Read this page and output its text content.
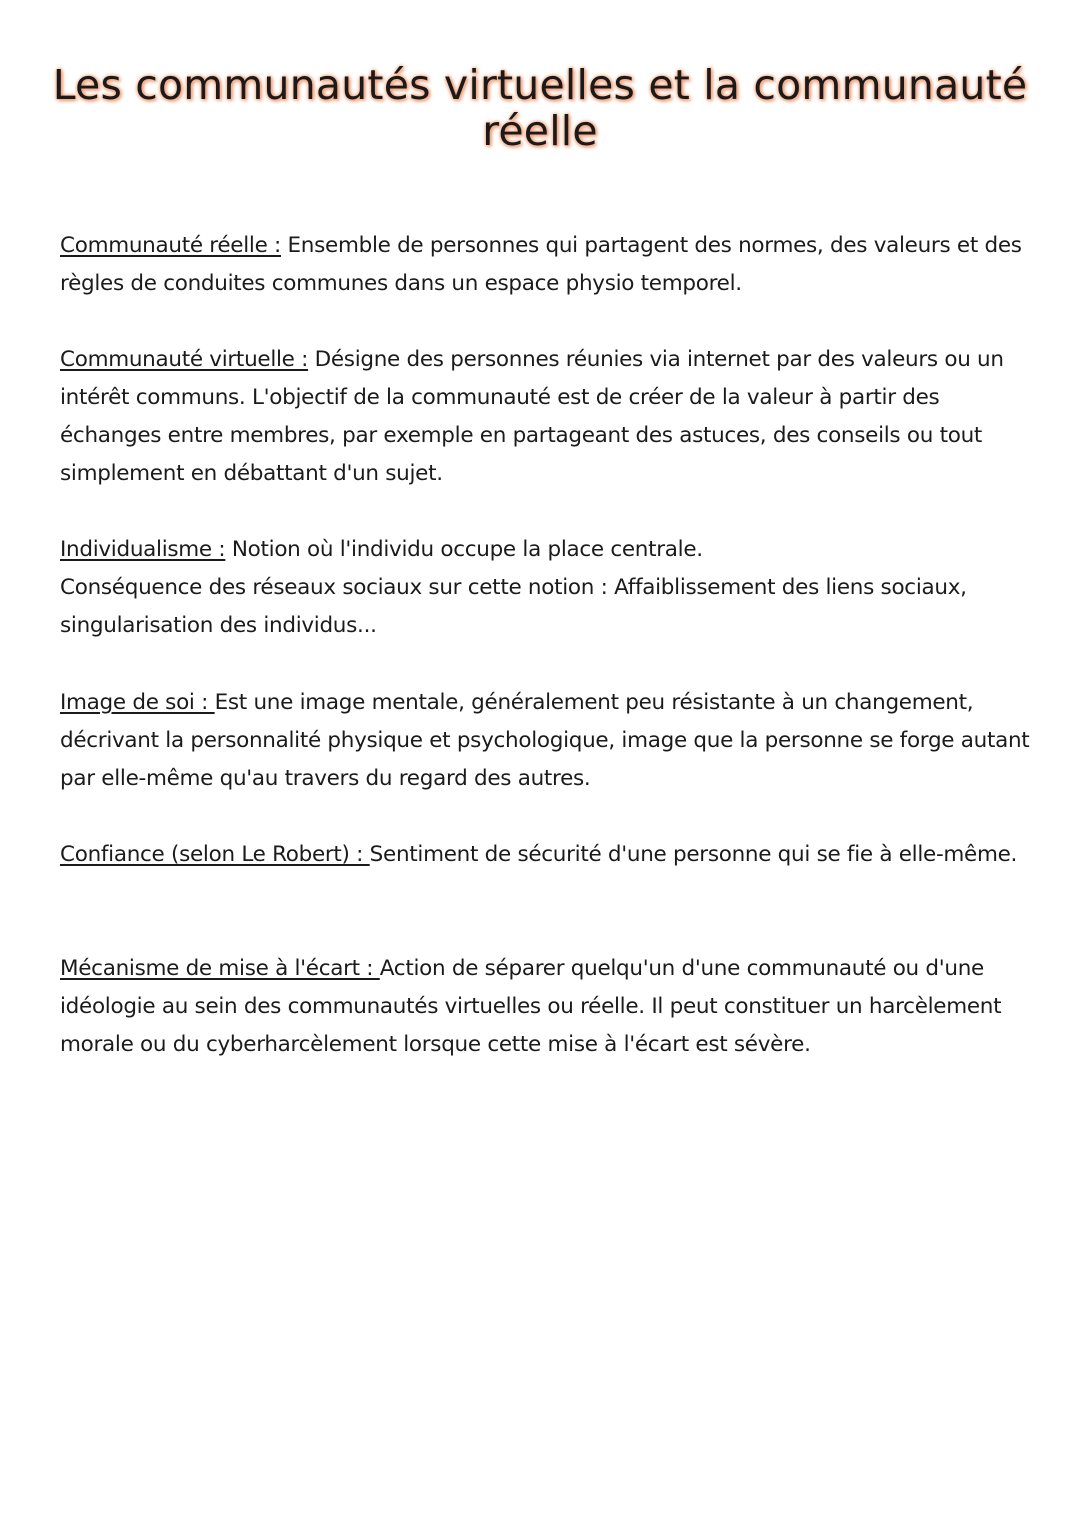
Les communautés virtuelles et la communauté
réelle

Communauté réelle : Ensemble de personnes qui partagent des normes, des valeurs et des règles de conduites communes dans un espace physio temporel.

Communauté virtuelle : Désigne des personnes réunies via internet par des valeurs ou un intérêt communs. L'objectif de la communauté est de créer de la valeur à partir des échanges entre membres, par exemple en partageant des astuces, des conseils ou tout simplement en débattant d'un sujet.

Individualisme : Notion où l'individu occupe la place centrale.
Conséquence des réseaux sociaux sur cette notion : Affaiblissement des liens sociaux, singularisation des individus...

Image de soi : Est une image mentale, généralement peu résistante à un changement, décrivant la personnalité physique et psychologique, image que la personne se forge autant par elle-même qu'au travers du regard des autres.

Confiance (selon Le Robert) : Sentiment de sécurité d'une personne qui se fie à elle-même.

Mécanisme de mise à l'écart : Action de séparer quelqu'un d'une communauté ou d'une idéologie au sein des communautés virtuelles ou réelle. Il peut constituer un harcèlement morale ou du cyberharcèlement lorsque cette mise à l'écart est sévère.
